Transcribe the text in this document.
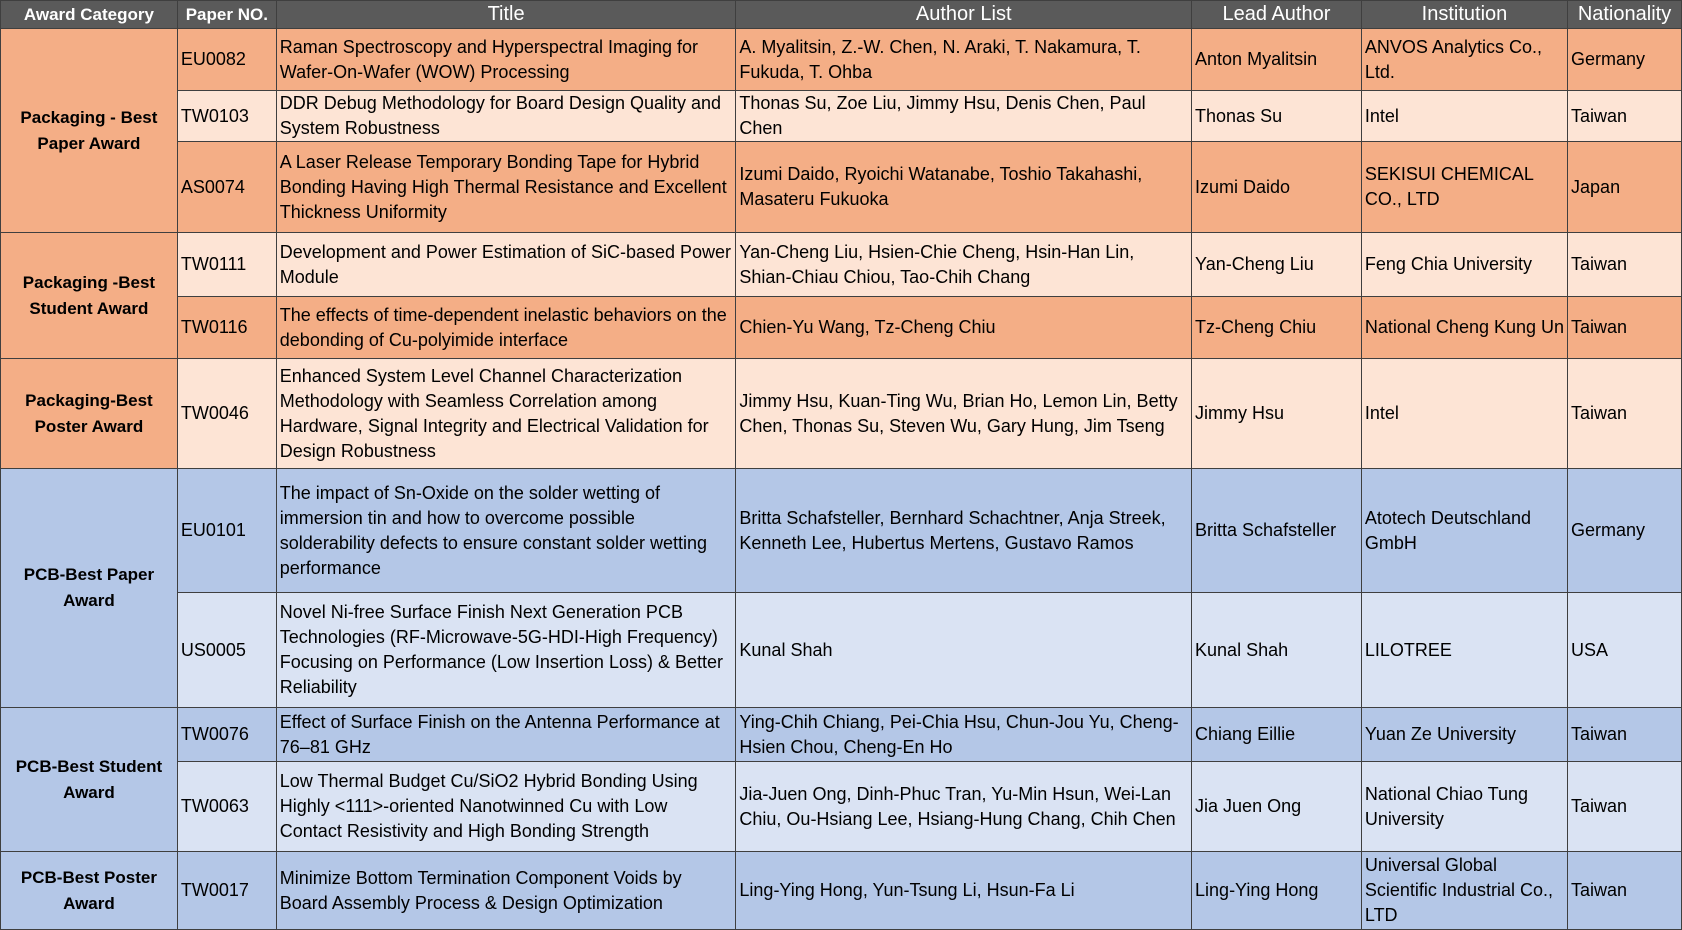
Award Category	Paper NO.	Title	Author List	Lead Author	Institution	Nationality
Packaging - Best Paper Award	EU0082	Raman Spectroscopy and Hyperspectral Imaging for Wafer-On-Wafer (WOW) Processing	A. Myalitsin, Z.-W. Chen, N. Araki, T. Nakamura, T. Fukuda, T. Ohba	Anton Myalitsin	ANVOS Analytics Co., Ltd.	Germany
	TW0103	DDR Debug Methodology for Board Design Quality and System Robustness	Thonas Su, Zoe Liu, Jimmy Hsu, Denis Chen, Paul Chen	Thonas Su	Intel	Taiwan
	AS0074	A Laser Release Temporary Bonding Tape for Hybrid Bonding Having High Thermal Resistance and Excellent Thickness Uniformity	Izumi Daido, Ryoichi Watanabe, Toshio Takahashi, Masateru Fukuoka	Izumi Daido	SEKISUI CHEMICAL CO., LTD	Japan
Packaging -Best Student Award	TW0111	Development and Power Estimation of SiC-based Power Module	Yan-Cheng Liu, Hsien-Chie Cheng, Hsin-Han Lin, Shian-Chiau Chiou, Tao-Chih Chang	Yan-Cheng Liu	Feng Chia University	Taiwan
	TW0116	The effects of time-dependent inelastic behaviors on the debonding of Cu-polyimide interface	Chien-Yu Wang, Tz-Cheng Chiu	Tz-Cheng Chiu	National Cheng Kung Un	Taiwan
Packaging-Best Poster Award	TW0046	Enhanced System Level Channel Characterization Methodology with Seamless Correlation among Hardware, Signal Integrity and Electrical Validation for Design Robustness	Jimmy Hsu, Kuan-Ting Wu, Brian Ho, Lemon Lin, Betty Chen, Thonas Su, Steven Wu, Gary Hung, Jim Tseng	Jimmy Hsu	Intel	Taiwan
PCB-Best Paper Award	EU0101	The impact of Sn-Oxide on the solder wetting of immersion tin and how to overcome possible solderability defects to ensure constant solder wetting performance	Britta Schafsteller, Bernhard Schachtner, Anja Streek, Kenneth Lee, Hubertus Mertens, Gustavo Ramos	Britta Schafsteller	Atotech Deutschland GmbH	Germany
	US0005	Novel Ni-free Surface Finish Next Generation PCB Technologies (RF-Microwave-5G-HDI-High Frequency) Focusing on Performance (Low Insertion Loss) & Better Reliability	Kunal Shah	Kunal Shah	LILOTREE	USA
PCB-Best Student Award	TW0076	Effect of Surface Finish on the Antenna Performance at 76–81 GHz	Ying-Chih Chiang, Pei-Chia Hsu, Chun-Jou Yu, Cheng-Hsien Chou, Cheng-En Ho	Chiang Eillie	Yuan Ze University	Taiwan
	TW0063	Low Thermal Budget Cu/SiO2 Hybrid Bonding Using Highly <111>-oriented Nanotwinned Cu with Low Contact Resistivity and High Bonding Strength	Jia-Juen Ong, Dinh-Phuc Tran, Yu-Min Hsun, Wei-Lan Chiu, Ou-Hsiang Lee, Hsiang-Hung Chang, Chih Chen	Jia Juen Ong	National Chiao Tung University	Taiwan
PCB-Best Poster Award	TW0017	Minimize Bottom Termination Component Voids by Board Assembly Process & Design Optimization	Ling-Ying Hong, Yun-Tsung Li, Hsun-Fa Li	Ling-Ying Hong	Universal Global Scientific Industrial Co., LTD	Taiwan
